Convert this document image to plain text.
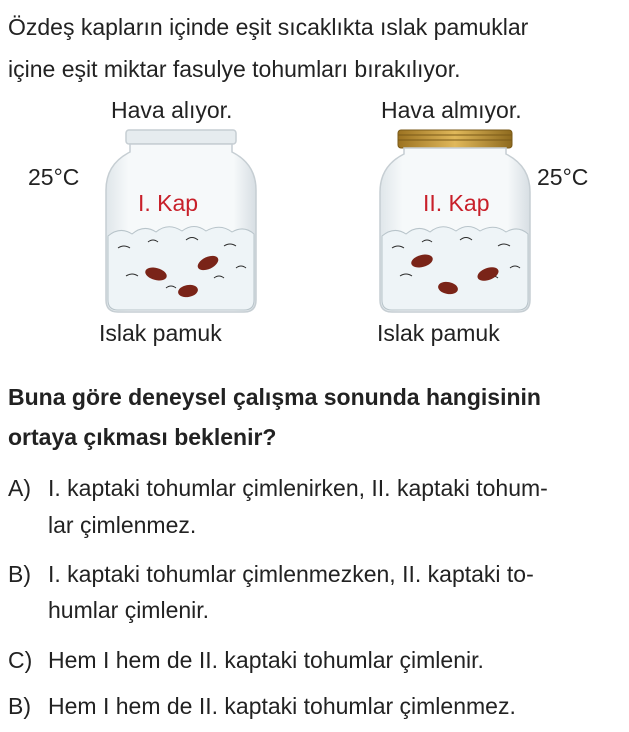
Özdeş kapların içinde eşit sıcaklıkta ıslak pamuklar
içine eşit miktar fasulye tohumları bırakılıyor.
Hava alıyor.	Hava almıyor.
25°C	25°C
I. Kap	II. Kap
Islak pamuk	Islak pamuk
Buna göre deneysel çalışma sonunda hangisinin
ortaya çıkması beklenir?
A) I. kaptaki tohumlar çimlenirken, II. kaptaki tohum-
lar çimlenmez.
B) I. kaptaki tohumlar çimlenmezken, II. kaptaki to-
humlar çimlenir.
C) Hem I hem de II. kaptaki tohumlar çimlenir.
B) Hem I hem de II. kaptaki tohumlar çimlenmez.
